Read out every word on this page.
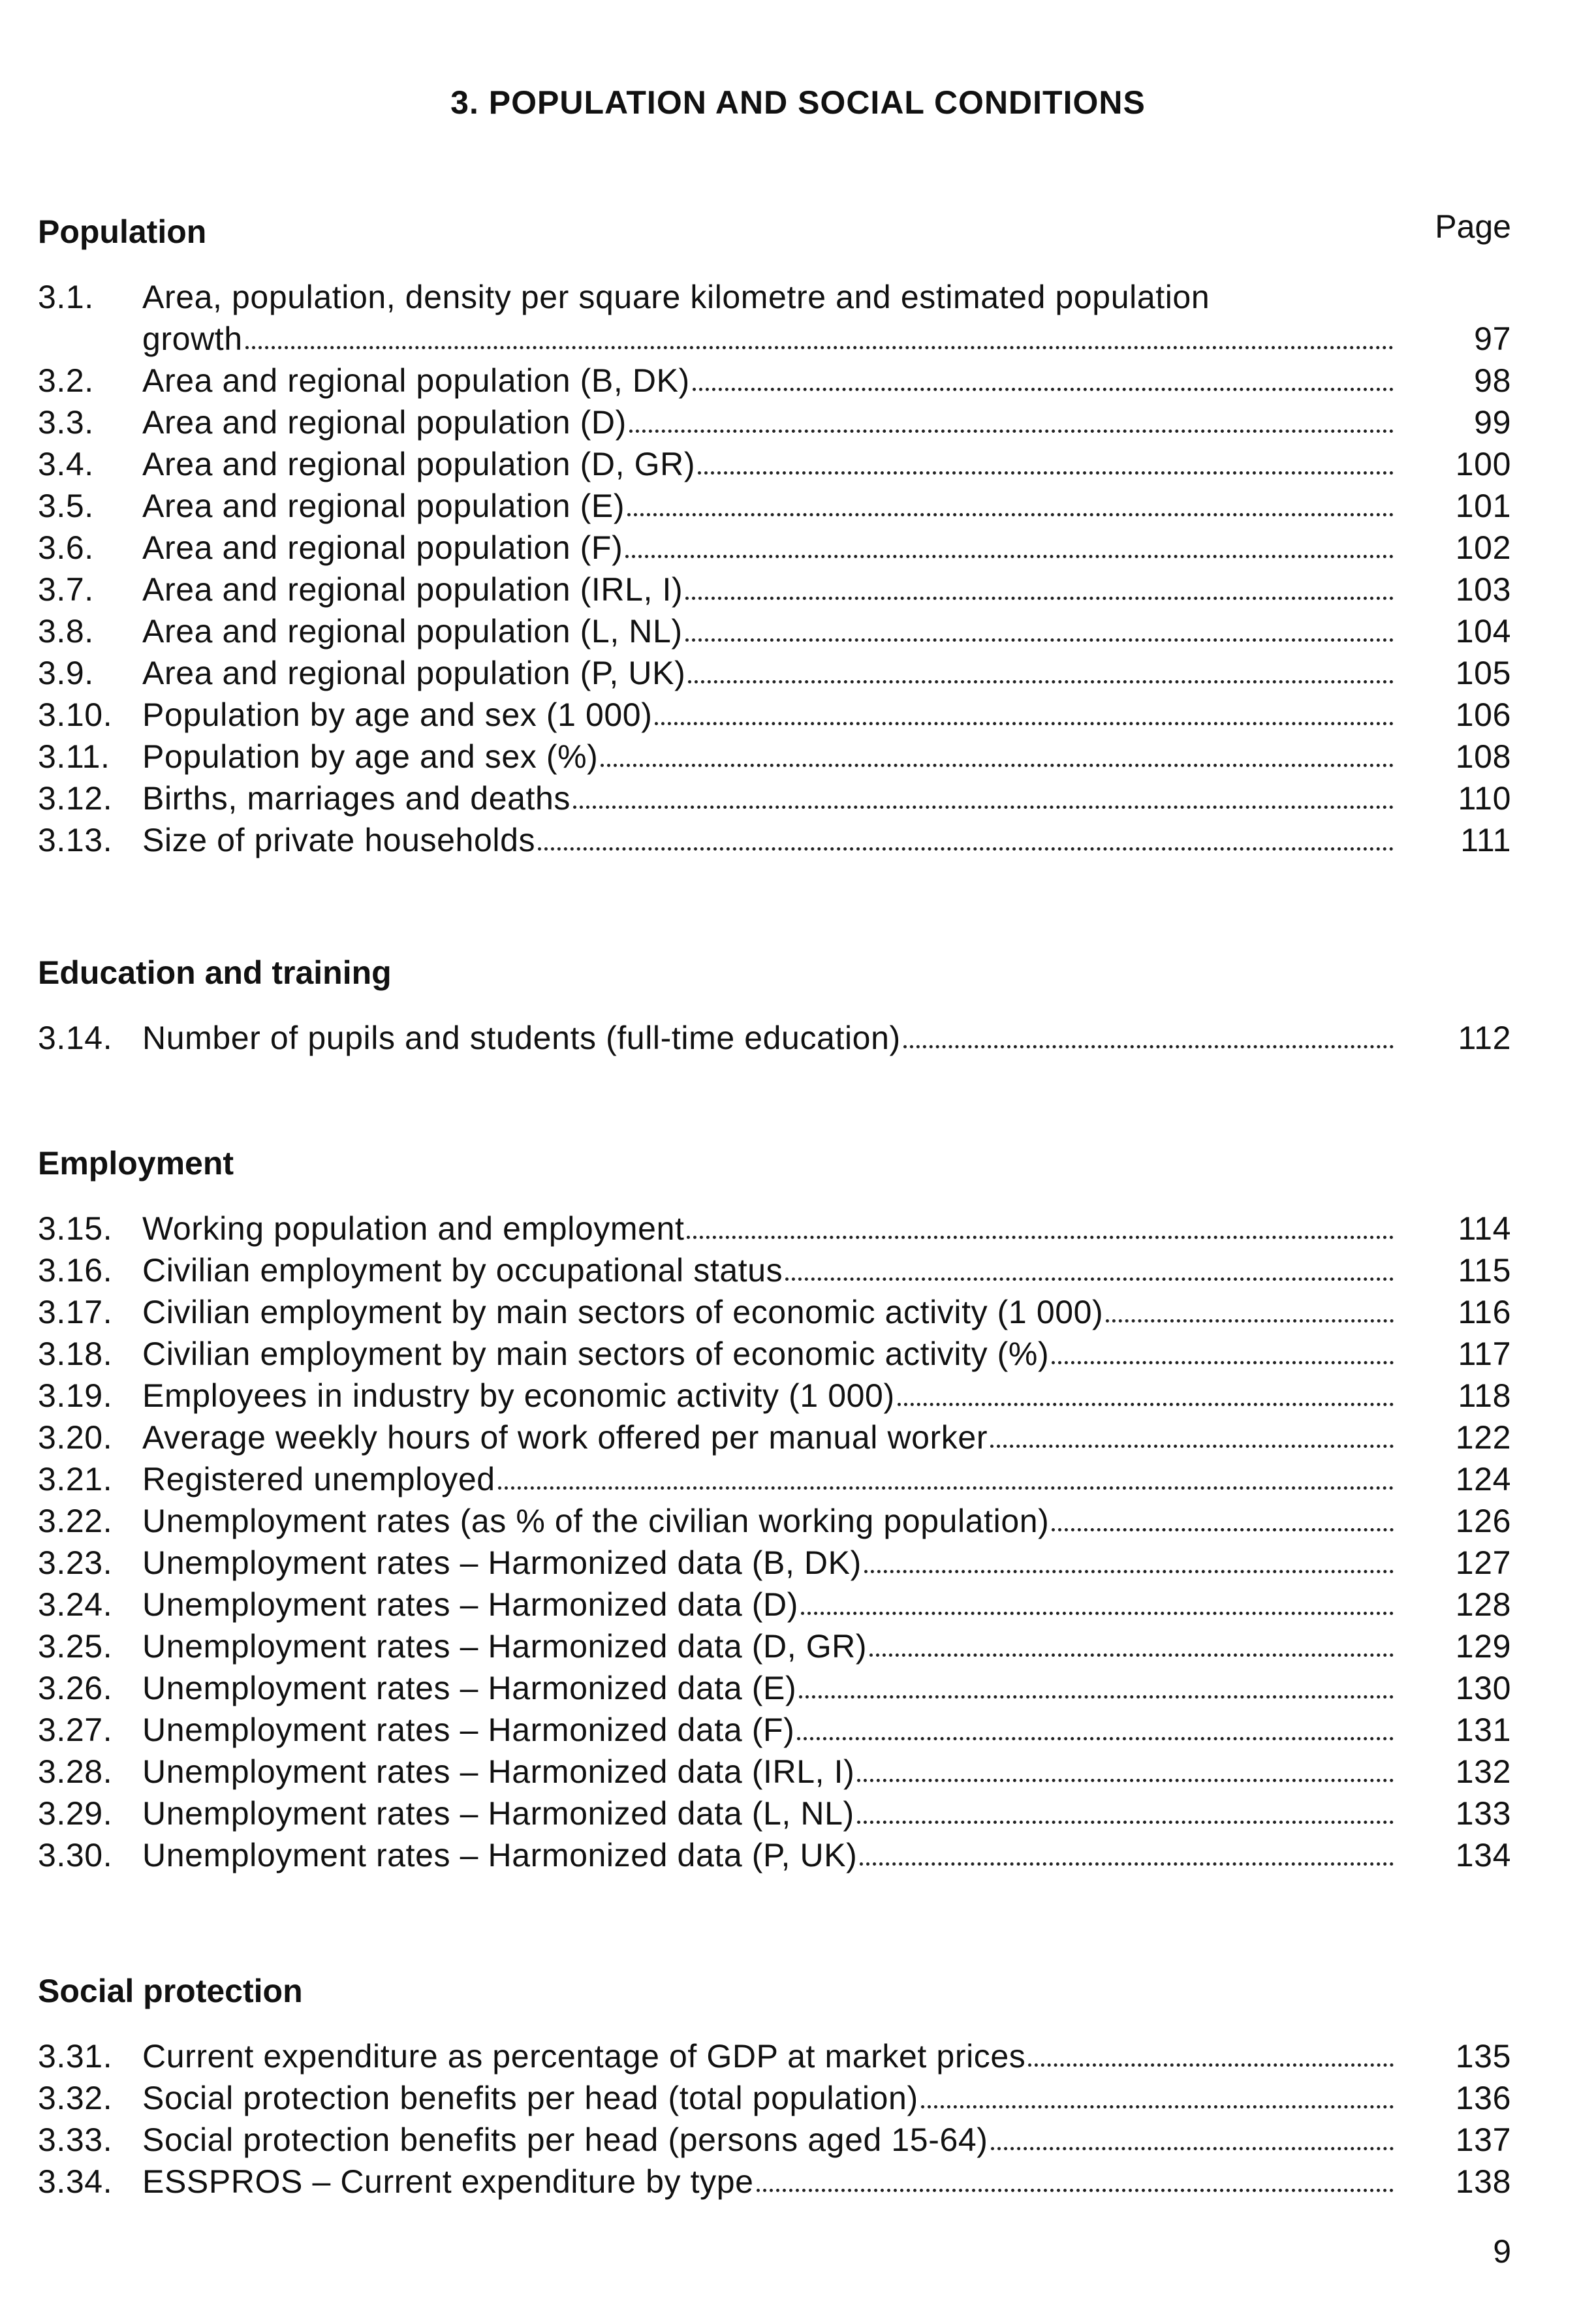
3. POPULATION AND SOCIAL CONDITIONS
Page
Population
3.1.	Area, population, density per square kilometre and estimated population
growth	97
3.2.	Area and regional population (B, DK)	98
3.3.	Area and regional population (D)	99
3.4.	Area and regional population (D, GR)	100
3.5.	Area and regional population (E)	101
3.6.	Area and regional population (F)	102
3.7.	Area and regional population (IRL, I)	103
3.8.	Area and regional population (L, NL)	104
3.9.	Area and regional population (P, UK)	105
3.10. Population by age and sex (1 000)	106
3.11. Population by age and sex (%)	108
3.12. Births, marriages and deaths	110
3.13. Size of private households	111
Education and training
3.14. Number of pupils and students (full-time education)	112
Employment
3.15. Working population and employment	114
3.16. Civilian employment by occupational status	115
3.17. Civilian employment by main sectors of economic activity (1 000)	116
3.18. Civilian employment by main sectors of economic activity (%)	117
3.19. Employees in industry by economic activity (1 000)	118
3.20. Average weekly hours of work offered per manual worker	122
3.21. Registered unemployed	124
3.22. Unemployment rates (as % of the civilian working population)	126
3.23. Unemployment rates – Harmonized data (B, DK)	127
3.24. Unemployment rates – Harmonized data (D)	128
3.25. Unemployment rates – Harmonized data (D, GR)	129
3.26. Unemployment rates – Harmonized data (E)	130
3.27. Unemployment rates – Harmonized data (F)	131
3.28. Unemployment rates – Harmonized data (IRL, I)	132
3.29. Unemployment rates – Harmonized data (L, NL)	133
3.30. Unemployment rates – Harmonized data (P, UK)	134
Social protection
3.31. Current expenditure as percentage of GDP at market prices	135
3.32. Social protection benefits per head (total population)	136
3.33. Social protection benefits per head (persons aged 15-64)	137
3.34. ESSPROS – Current expenditure by type	138
9
